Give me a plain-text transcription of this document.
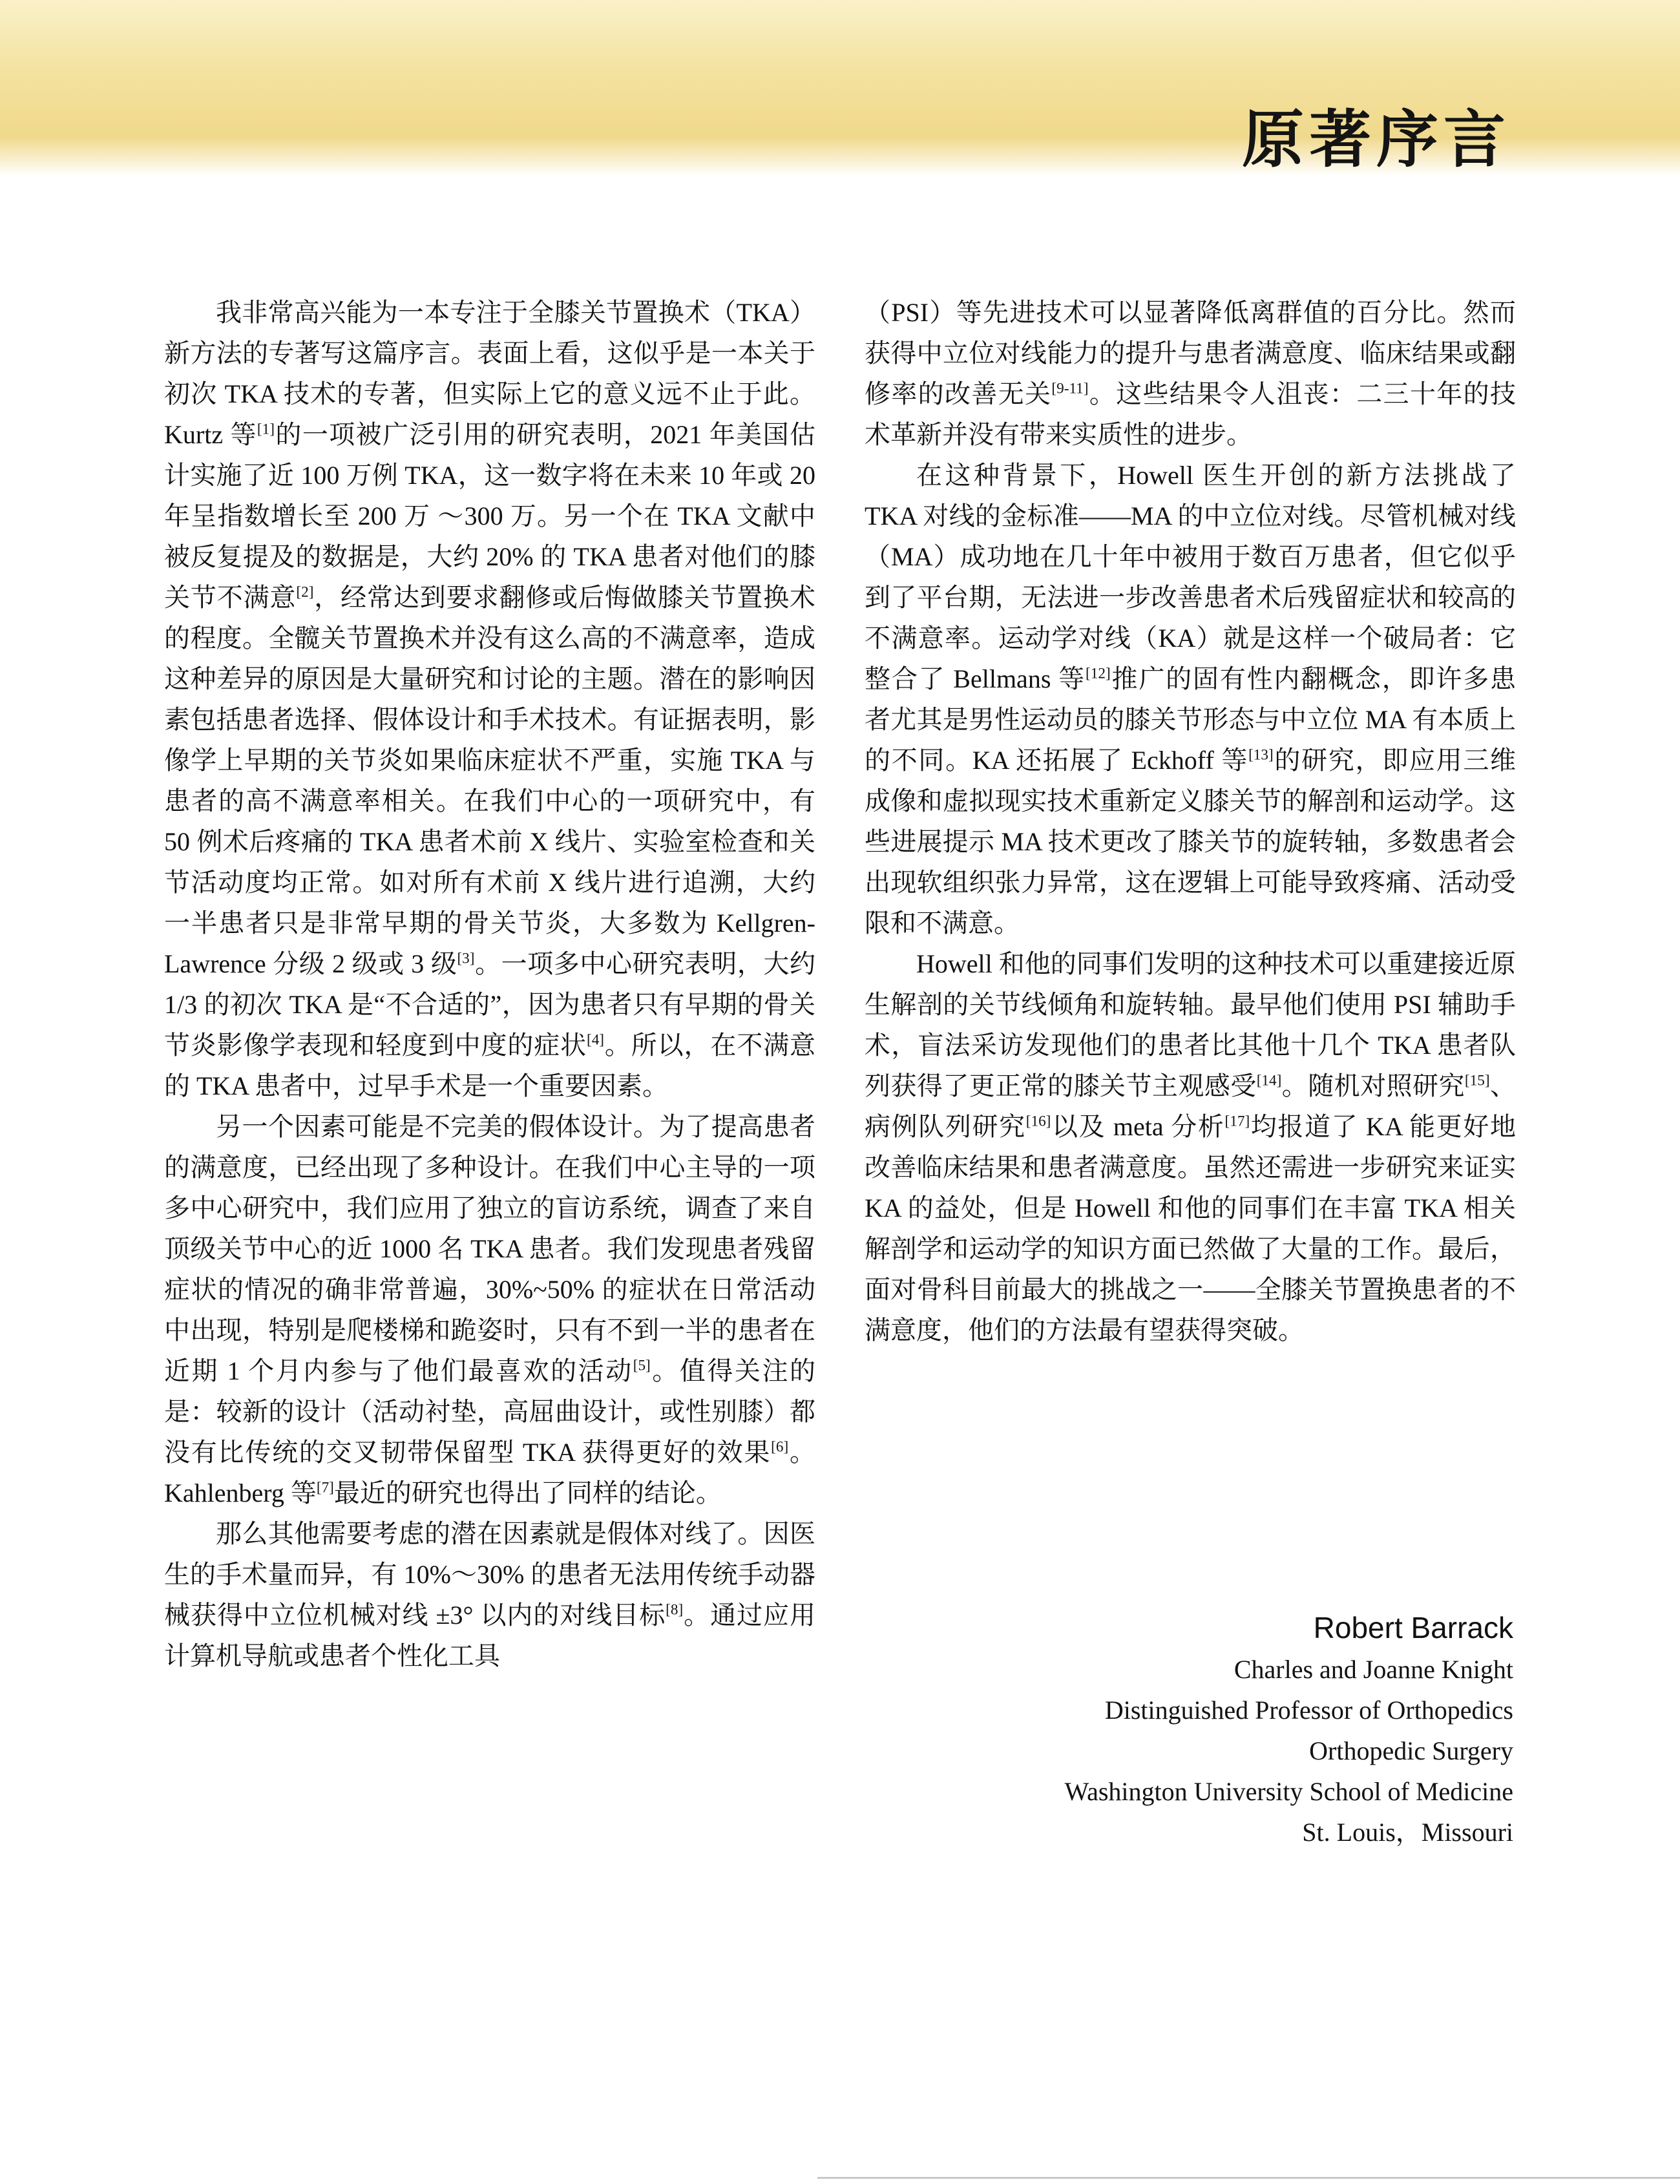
原著序言

我非常高兴能为一本专注于全膝关节置换术（TKA）新方法的专著写这篇序言。表面上看，这似乎是一本关于初次 TKA 技术的专著，但实际上它的意义远不止于此。Kurtz 等[1]的一项被广泛引用的研究表明，2021 年美国估计实施了近 100 万例 TKA，这一数字将在未来 10 年或 20 年呈指数增长至 200 万 ～300 万。另一个在 TKA 文献中被反复提及的数据是，大约 20% 的 TKA 患者对他们的膝关节不满意[2]，经常达到要求翻修或后悔做膝关节置换术的程度。全髋关节置换术并没有这么高的不满意率，造成这种差异的原因是大量研究和讨论的主题。潜在的影响因素包括患者选择、假体设计和手术技术。有证据表明，影像学上早期的关节炎如果临床症状不严重，实施 TKA 与患者的高不满意率相关。在我们中心的一项研究中，有 50 例术后疼痛的 TKA 患者术前 X 线片、实验室检查和关节活动度均正常。如对所有术前 X 线片进行追溯，大约一半患者只是非常早期的骨关节炎，大多数为 Kellgren-Lawrence 分级 2 级或 3 级[3]。一项多中心研究表明，大约 1/3 的初次 TKA 是“不合适的”，因为患者只有早期的骨关节炎影像学表现和轻度到中度的症状[4]。所以，在不满意的 TKA 患者中，过早手术是一个重要因素。

另一个因素可能是不完美的假体设计。为了提高患者的满意度，已经出现了多种设计。在我们中心主导的一项多中心研究中，我们应用了独立的盲访系统，调查了来自顶级关节中心的近 1000 名 TKA 患者。我们发现患者残留症状的情况的确非常普遍，30%~50% 的症状在日常活动中出现，特别是爬楼梯和跪姿时，只有不到一半的患者在近期 1 个月内参与了他们最喜欢的活动[5]。值得关注的是：较新的设计（活动衬垫，高屈曲设计，或性别膝）都没有比传统的交叉韧带保留型 TKA 获得更好的效果[6]。Kahlenberg 等[7]最近的研究也得出了同样的结论。

那么其他需要考虑的潜在因素就是假体对线了。因医生的手术量而异，有 10%～30% 的患者无法用传统手动器械获得中立位机械对线 ±3° 以内的对线目标[8]。通过应用计算机导航或患者个性化工具

（PSI）等先进技术可以显著降低离群值的百分比。然而获得中立位对线能力的提升与患者满意度、临床结果或翻修率的改善无关[9-11]。这些结果令人沮丧：二三十年的技术革新并没有带来实质性的进步。

在这种背景下，Howell 医生开创的新方法挑战了 TKA 对线的金标准——MA 的中立位对线。尽管机械对线（MA）成功地在几十年中被用于数百万患者，但它似乎到了平台期，无法进一步改善患者术后残留症状和较高的不满意率。运动学对线（KA）就是这样一个破局者：它整合了 Bellmans 等[12]推广的固有性内翻概念，即许多患者尤其是男性运动员的膝关节形态与中立位 MA 有本质上的不同。KA 还拓展了 Eckhoff 等[13]的研究，即应用三维成像和虚拟现实技术重新定义膝关节的解剖和运动学。这些进展提示 MA 技术更改了膝关节的旋转轴，多数患者会出现软组织张力异常，这在逻辑上可能导致疼痛、活动受限和不满意。

Howell 和他的同事们发明的这种技术可以重建接近原生解剖的关节线倾角和旋转轴。最早他们使用 PSI 辅助手术，盲法采访发现他们的患者比其他十几个 TKA 患者队列获得了更正常的膝关节主观感受[14]。随机对照研究[15]、病例队列研究[16]以及 meta 分析[17]均报道了 KA 能更好地改善临床结果和患者满意度。虽然还需进一步研究来证实 KA 的益处，但是 Howell 和他的同事们在丰富 TKA 相关解剖学和运动学的知识方面已然做了大量的工作。最后，面对骨科目前最大的挑战之一——全膝关节置换患者的不满意度，他们的方法最有望获得突破。

Robert Barrack
Charles and Joanne Knight
Distinguished Professor of Orthopedics
Orthopedic Surgery
Washington University School of Medicine
St. Louis，Missouri
